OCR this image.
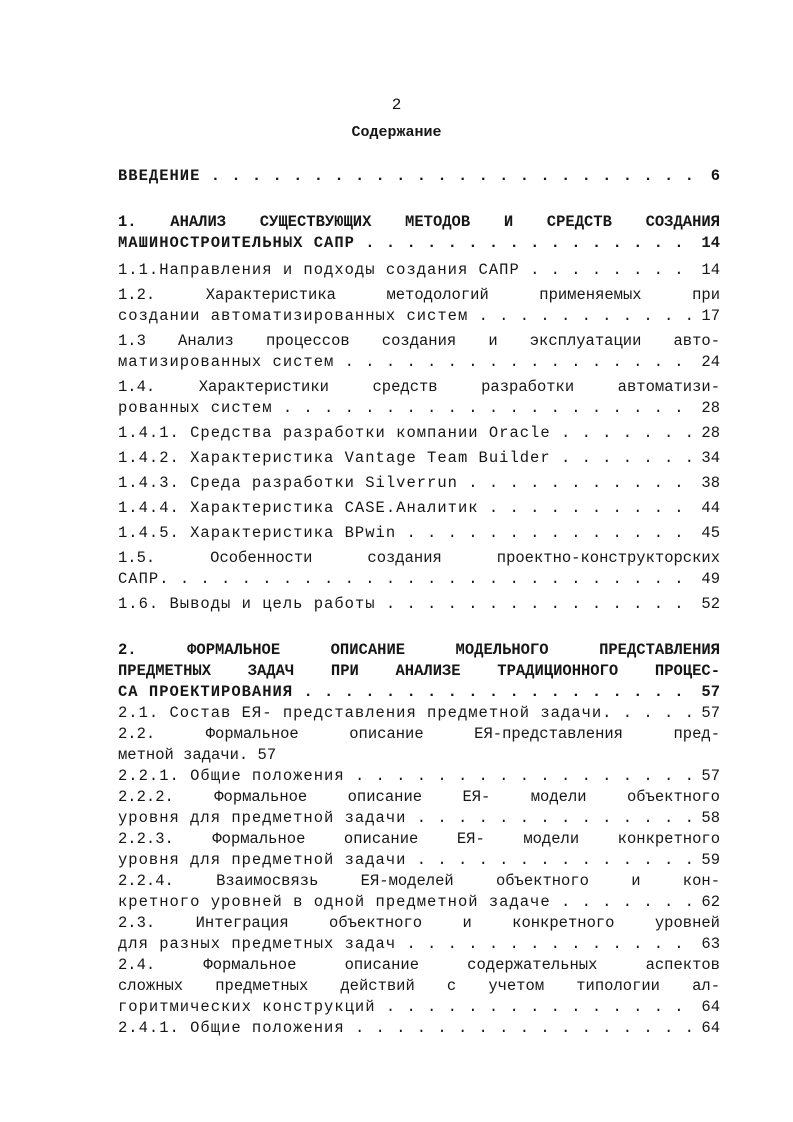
2
Содержание
ВВЕДЕНИЕ . . .	6
1. АНАЛИЗ СУЩЕСТВУЮЩИХ МЕТОДОВ И СРЕДСТВ СОЗДАНИЯ
МАШИНОСТРОИТЕЛЬНЫХ САПР . . .	14
1.1.Направления и подходы создания САПР . . .	14
1.2. Характеристика методологий применяемых при
создании автоматизированных систем . . .	17
1.3 Анализ процессов создания и эксплуатации авто-
матизированных систем . . .	24
1.4. Характеристики средств разработки автоматизи-
рованных систем . . .	28
1.4.1. Средства разработки компании Oracle . . .	28
1.4.2. Характеристика Vantage Team Builder . . .	34
1.4.3. Среда разработки Silverrun . . .	38
1.4.4. Характеристика CASE.Аналитик . . .	44
1.4.5. Характеристика BPwin . . .	45
1.5. Особенности создания проектно-конструкторских
САПР. . . .	49
1.6. Выводы и цель работы . . .	52
2. ФОРМАЛЬНОЕ ОПИСАНИЕ МОДЕЛЬНОГО ПРЕДСТАВЛЕНИЯ
ПРЕДМЕТНЫХ ЗАДАЧ ПРИ АНАЛИЗЕ ТРАДИЦИОННОГО ПРОЦЕС-
СА ПРОЕКТИРОВАНИЯ . . .	57
2.1. Состав ЕЯ- представления предметной задачи. . . .	57
2.2. Формальное описание ЕЯ-представления пред-
метной задачи. 57
2.2.1. Общие положения . . .	57
2.2.2. Формальное описание ЕЯ- модели объектного
уровня для предметной задачи . . .	58
2.2.3. Формальное описание ЕЯ- модели конкретного
уровня для предметной задачи . . .	59
2.2.4. Взаимосвязь ЕЯ-моделей объектного и кон-
кретного уровней в одной предметной задаче . . .	62
2.3. Интеграция объектного и конкретного уровней
для разных предметных задач . . .	63
2.4. Формальное описание содержательных аспектов
сложных предметных действий с учетом типологии ал-
горитмических конструкций . . .	64
2.4.1. Общие положения . . .	64
